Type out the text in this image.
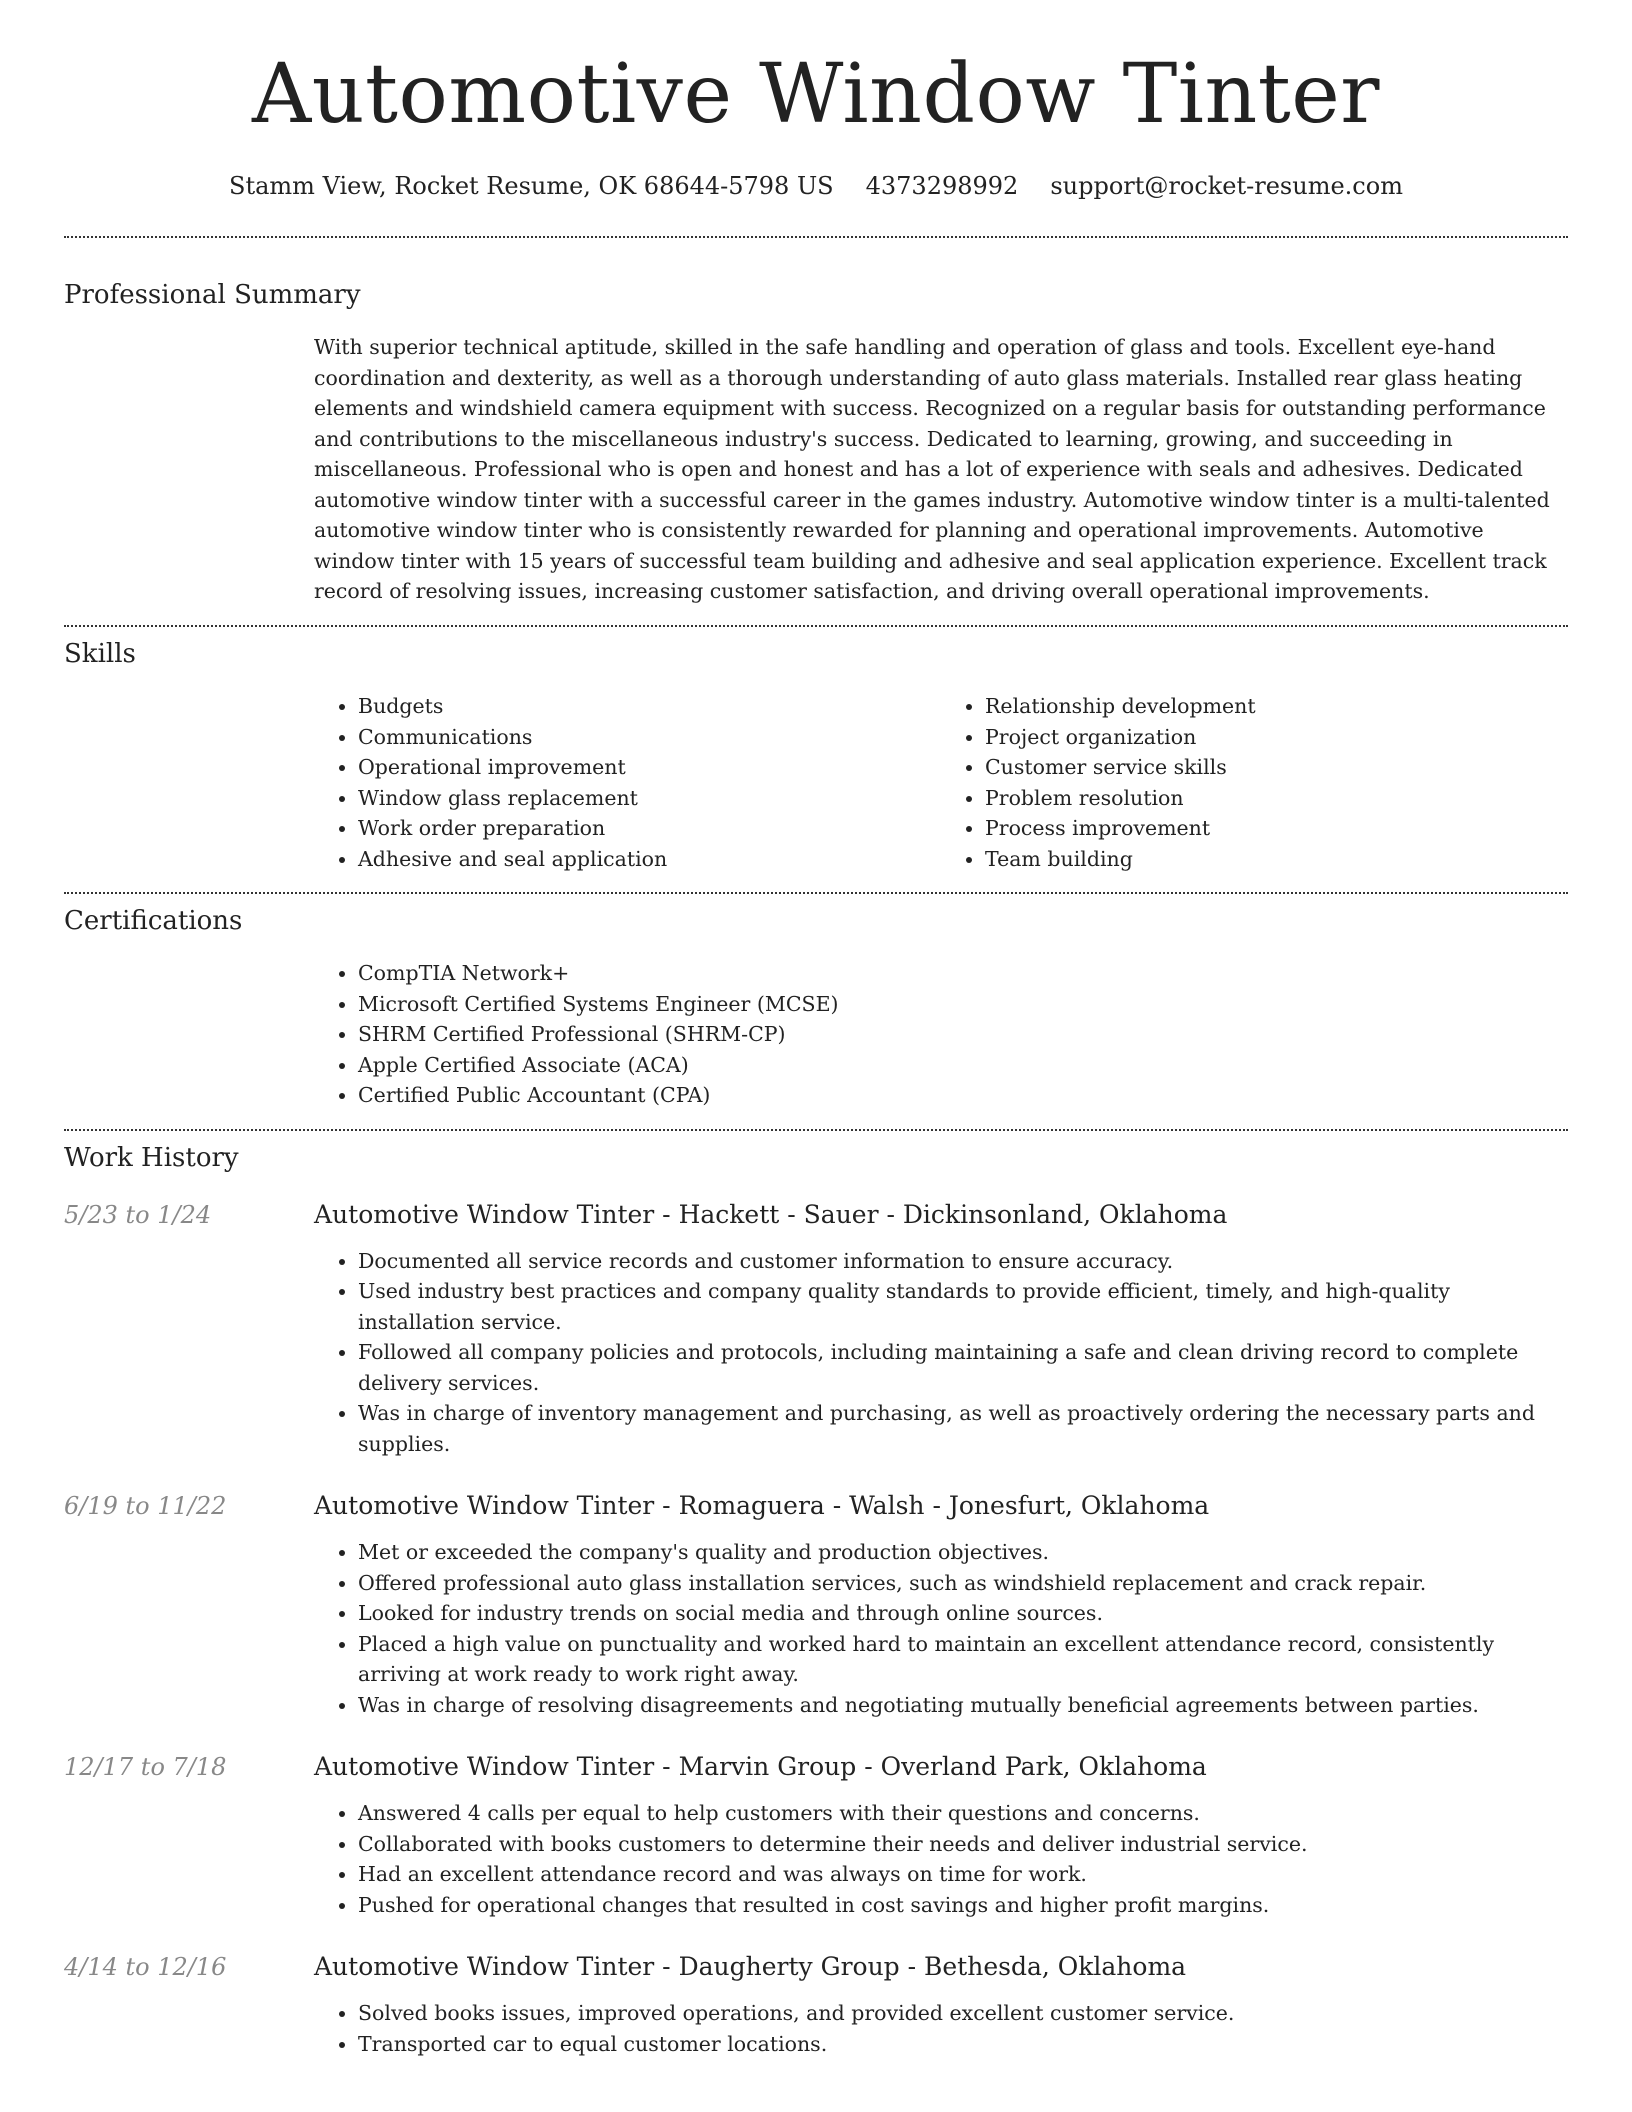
Automotive Window Tinter
Stamm View, Rocket Resume, OK 68644-5798 US 4373298992 support@rocket-resume.com
Professional Summary

With superior technical aptitude, skilled in the safe handling and operation of glass and tools. Excellent eye-hand coordination and dexterity, as well as a thorough understanding of auto glass materials. Installed rear glass heating elements and windshield camera equipment with success. Recognized on a regular basis for outstanding performance and contributions to the miscellaneous industry's success. Dedicated to learning, growing, and succeeding in miscellaneous. Professional who is open and honest and has a lot of experience with seals and adhesives. Dedicated automotive window tinter with a successful career in the games industry. Automotive window tinter is a multi-talented automotive window tinter who is consistently rewarded for planning and operational improvements. Automotive window tinter with 15 years of successful team building and adhesive and seal application experience. Excellent track record of resolving issues, increasing customer satisfaction, and driving overall operational improvements.

Skills
• Budgets
• Communications
• Operational improvement
• Window glass replacement
• Work order preparation
• Adhesive and seal application
• Relationship development
• Project organization
• Customer service skills
• Problem resolution
• Process improvement
• Team building
Certifications
• CompTIA Network+
• Microsoft Certified Systems Engineer (MCSE)
• SHRM Certified Professional (SHRM-CP)
• Apple Certified Associate (ACA)
• Certified Public Accountant (CPA)
Work History
5/23 to 1/24	Automotive Window Tinter - Hackett - Sauer - Dickinsonland, Oklahoma
• Documented all service records and customer information to ensure accuracy.
• Used industry best practices and company quality standards to provide efficient, timely, and high-quality installation service.
• Followed all company policies and protocols, including maintaining a safe and clean driving record to complete delivery services.
• Was in charge of inventory management and purchasing, as well as proactively ordering the necessary parts and supplies.
6/19 to 11/22	Automotive Window Tinter - Romaguera - Walsh - Jonesfurt, Oklahoma
• Met or exceeded the company's quality and production objectives.
• Offered professional auto glass installation services, such as windshield replacement and crack repair.
• Looked for industry trends on social media and through online sources.
• Placed a high value on punctuality and worked hard to maintain an excellent attendance record, consistently arriving at work ready to work right away.
• Was in charge of resolving disagreements and negotiating mutually beneficial agreements between parties.
12/17 to 7/18	Automotive Window Tinter - Marvin Group - Overland Park, Oklahoma
• Answered 4 calls per equal to help customers with their questions and concerns.
• Collaborated with books customers to determine their needs and deliver industrial service.
• Had an excellent attendance record and was always on time for work.
• Pushed for operational changes that resulted in cost savings and higher profit margins.
4/14 to 12/16	Automotive Window Tinter - Daugherty Group - Bethesda, Oklahoma
• Solved books issues, improved operations, and provided excellent customer service.
• Transported car to equal customer locations.
